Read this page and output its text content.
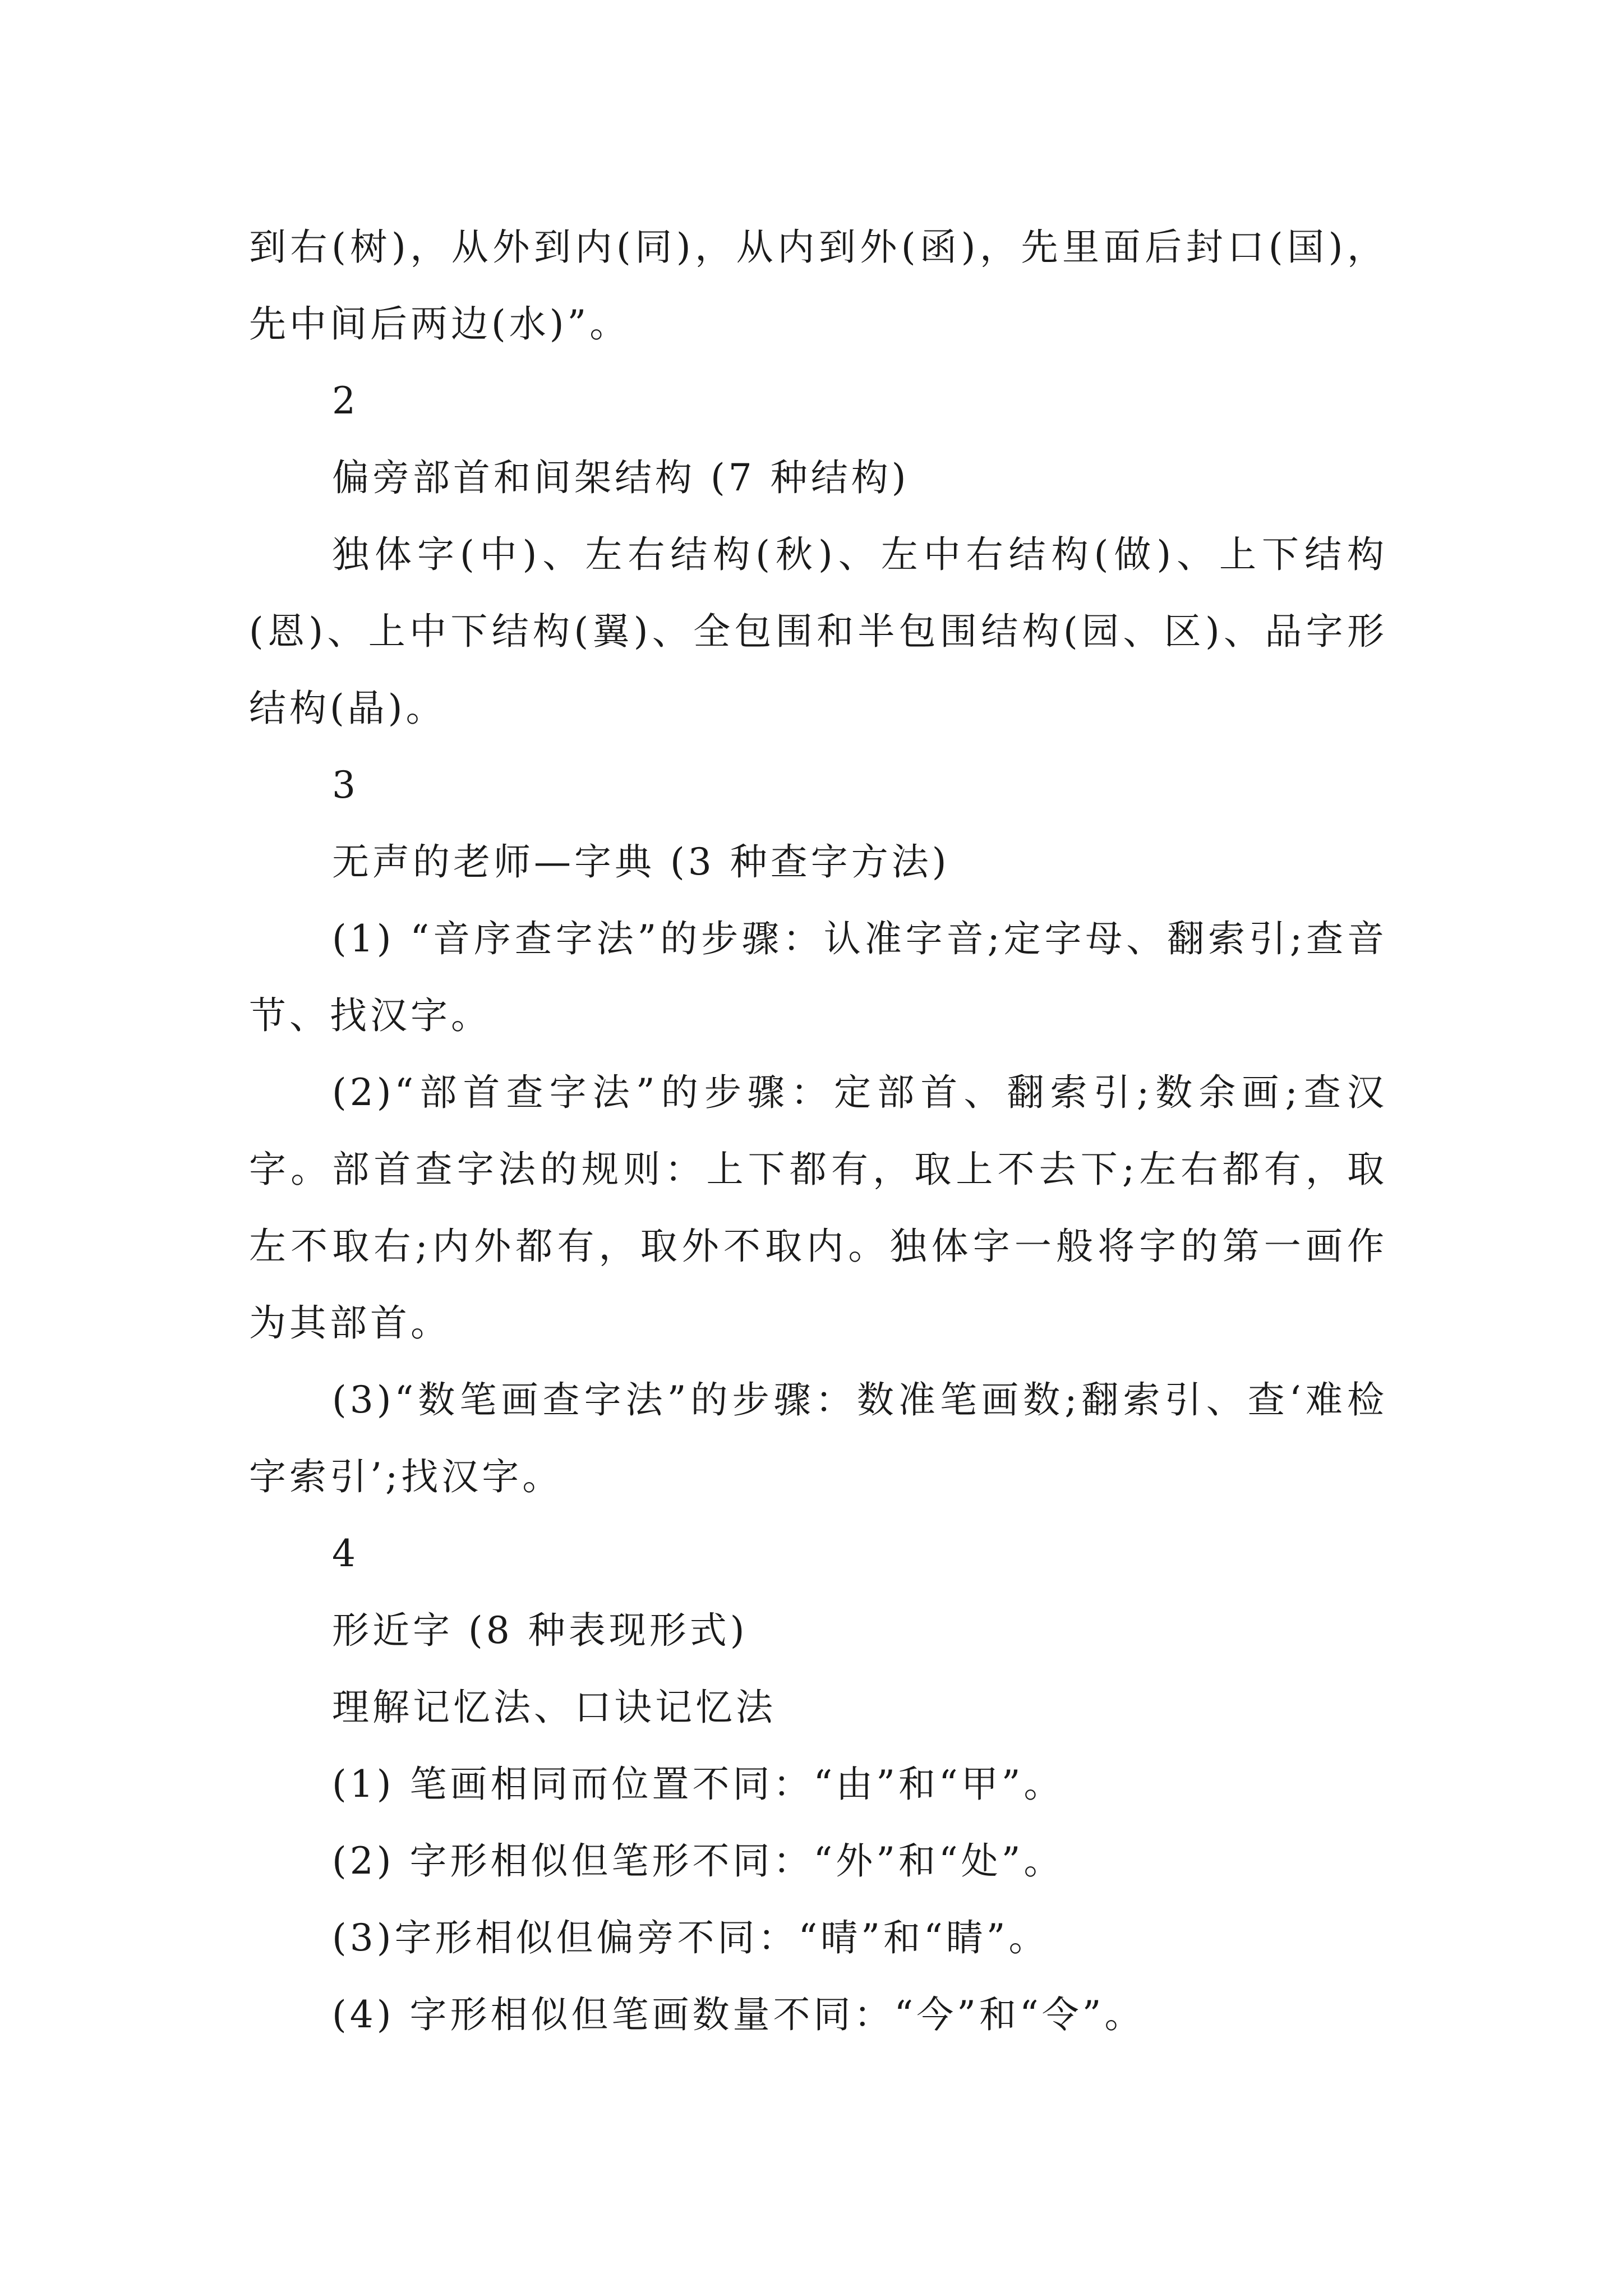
到右(树)，从外到内(同)，从内到外(函)，先里面后封口(国)，先中间后两边(水)”。

2

偏旁部首和间架结构 (7 种结构)

独体字(中)、左右结构(秋)、左中右结构(做)、上下结构(恩)、上中下结构(翼)、全包围和半包围结构(园、区)、品字形结构(晶)。

3

无声的老师—字典 (3 种查字方法)

(1) “音序查字法”的步骤：认准字音;定字母、翻索引;查音节、找汉字。

(2)“部首查字法”的步骤：定部首、翻索引;数余画;查汉字。部首查字法的规则：上下都有，取上不去下;左右都有，取左不取右;内外都有，取外不取内。独体字一般将字的第一画作为其部首。

(3)“数笔画查字法”的步骤：数准笔画数;翻索引、查‘难检字索引’;找汉字。

4

形近字 (8 种表现形式)

理解记忆法、口诀记忆法

(1) 笔画相同而位置不同：“由”和“甲”。

(2) 字形相似但笔形不同：“外”和“处”。

(3)字形相似但偏旁不同：“晴”和“睛”。

(4) 字形相似但笔画数量不同：“今”和“令”。
